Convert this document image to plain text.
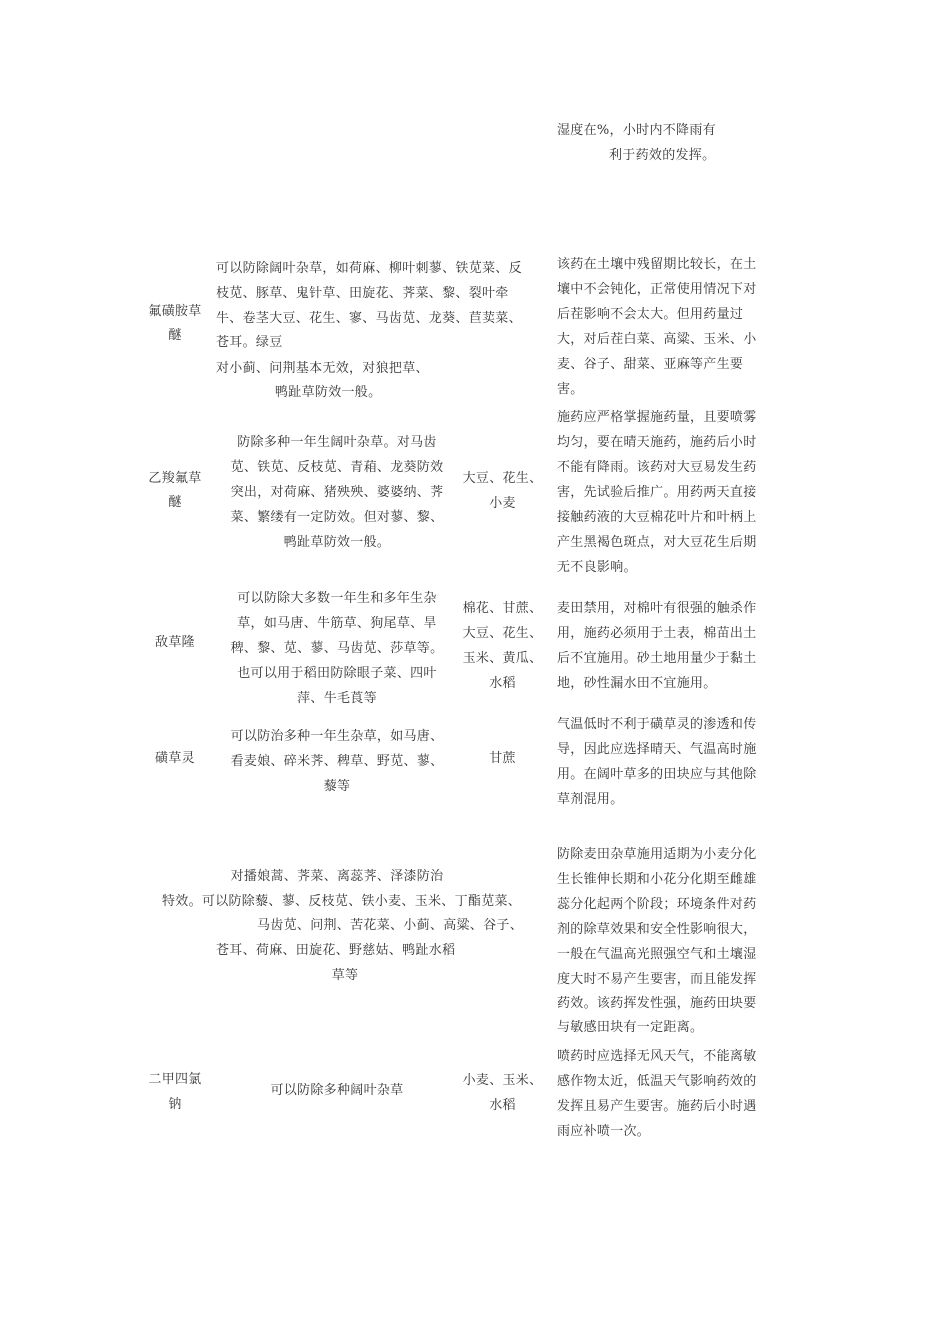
湿度在%，小时内不降雨有

利于药效的发挥。

氟磺胺草

醚

可以防除阔叶杂草，如荷麻、柳叶刺蓼、铁苋菜、反

枝苋、豚草、鬼针草、田旋花、荠菜、黎、裂叶牵

牛、卷茎大豆、花生、寥、马齿苋、龙葵、苣荬菜、

苍耳。绿豆

对小蓟、问荆基本无效，对狼把草、

鸭趾草防效一般。

该药在土壤中残留期比较长，在土

壤中不会钝化，正常使用情况下对

后茬影响不会太大。但用药量过

大，对后茬白菜、高粱、玉米、小

麦、谷子、甜菜、亚麻等产生要

害。

乙羧氟草

醚

防除多种一年生阔叶杂草。对马齿

苋、铁苋、反枝苋、青葙、龙葵防效

突出，对荷麻、猪殃殃、婆婆纳、荠

菜、繁缕有一定防效。但对蓼、黎、

鸭趾草防效一般。

大豆、花生、

小麦

施药应严格掌握施药量，且要喷雾

均匀，要在晴天施药，施药后小时

不能有降雨。该药对大豆易发生药

害，先试验后推广。用药两天直接

接触药液的大豆棉花叶片和叶柄上

产生黑褐色斑点，对大豆花生后期

无不良影响。

敌草隆

可以防除大多数一年生和多年生杂

草，如马唐、牛筋草、狗尾草、旱

稗、黎、苋、蓼、马齿苋、莎草等。

也可以用于稻田防除眼子菜、四叶

萍、牛毛莨等

棉花、甘蔗、

大豆、花生、

玉米、黄瓜、

水稻

麦田禁用，对棉叶有很强的触杀作

用，施药必须用于土表，棉苗出土

后不宜施用。砂土地用量少于黏土

地，砂性漏水田不宜施用。

磺草灵

可以防治多种一年生杂草，如马唐、

看麦娘、碎米荠、稗草、野苋、蓼、

藜等

甘蔗

气温低时不利于磺草灵的渗透和传

导，因此应选择晴天、气温高时施

用。在阔叶草多的田块应与其他除

草剂混用。

对播娘蒿、荠菜、离蕊荠、泽漆防治

特效。可以防除藜、蓼、反枝苋、铁小麦、玉米、丁酯苋菜、

马齿苋、问荆、苦花菜、小蓟、高粱、谷子、

苍耳、荷麻、田旋花、野慈姑、鸭趾水稻

草等

防除麦田杂草施用适期为小麦分化

生长锥伸长期和小花分化期至雌雄

蕊分化起两个阶段；环境条件对药

剂的除草效果和安全性影响很大，

一般在气温高光照强空气和土壤湿

度大时不易产生要害，而且能发挥

药效。该药挥发性强，施药田块要

与敏感田块有一定距离。

二甲四氯

钠

可以防除多种阔叶杂草

小麦、玉米、

水稻

喷药时应选择无风天气，不能离敏

感作物太近，低温天气影响药效的

发挥且易产生要害。施药后小时遇

雨应补喷一次。
